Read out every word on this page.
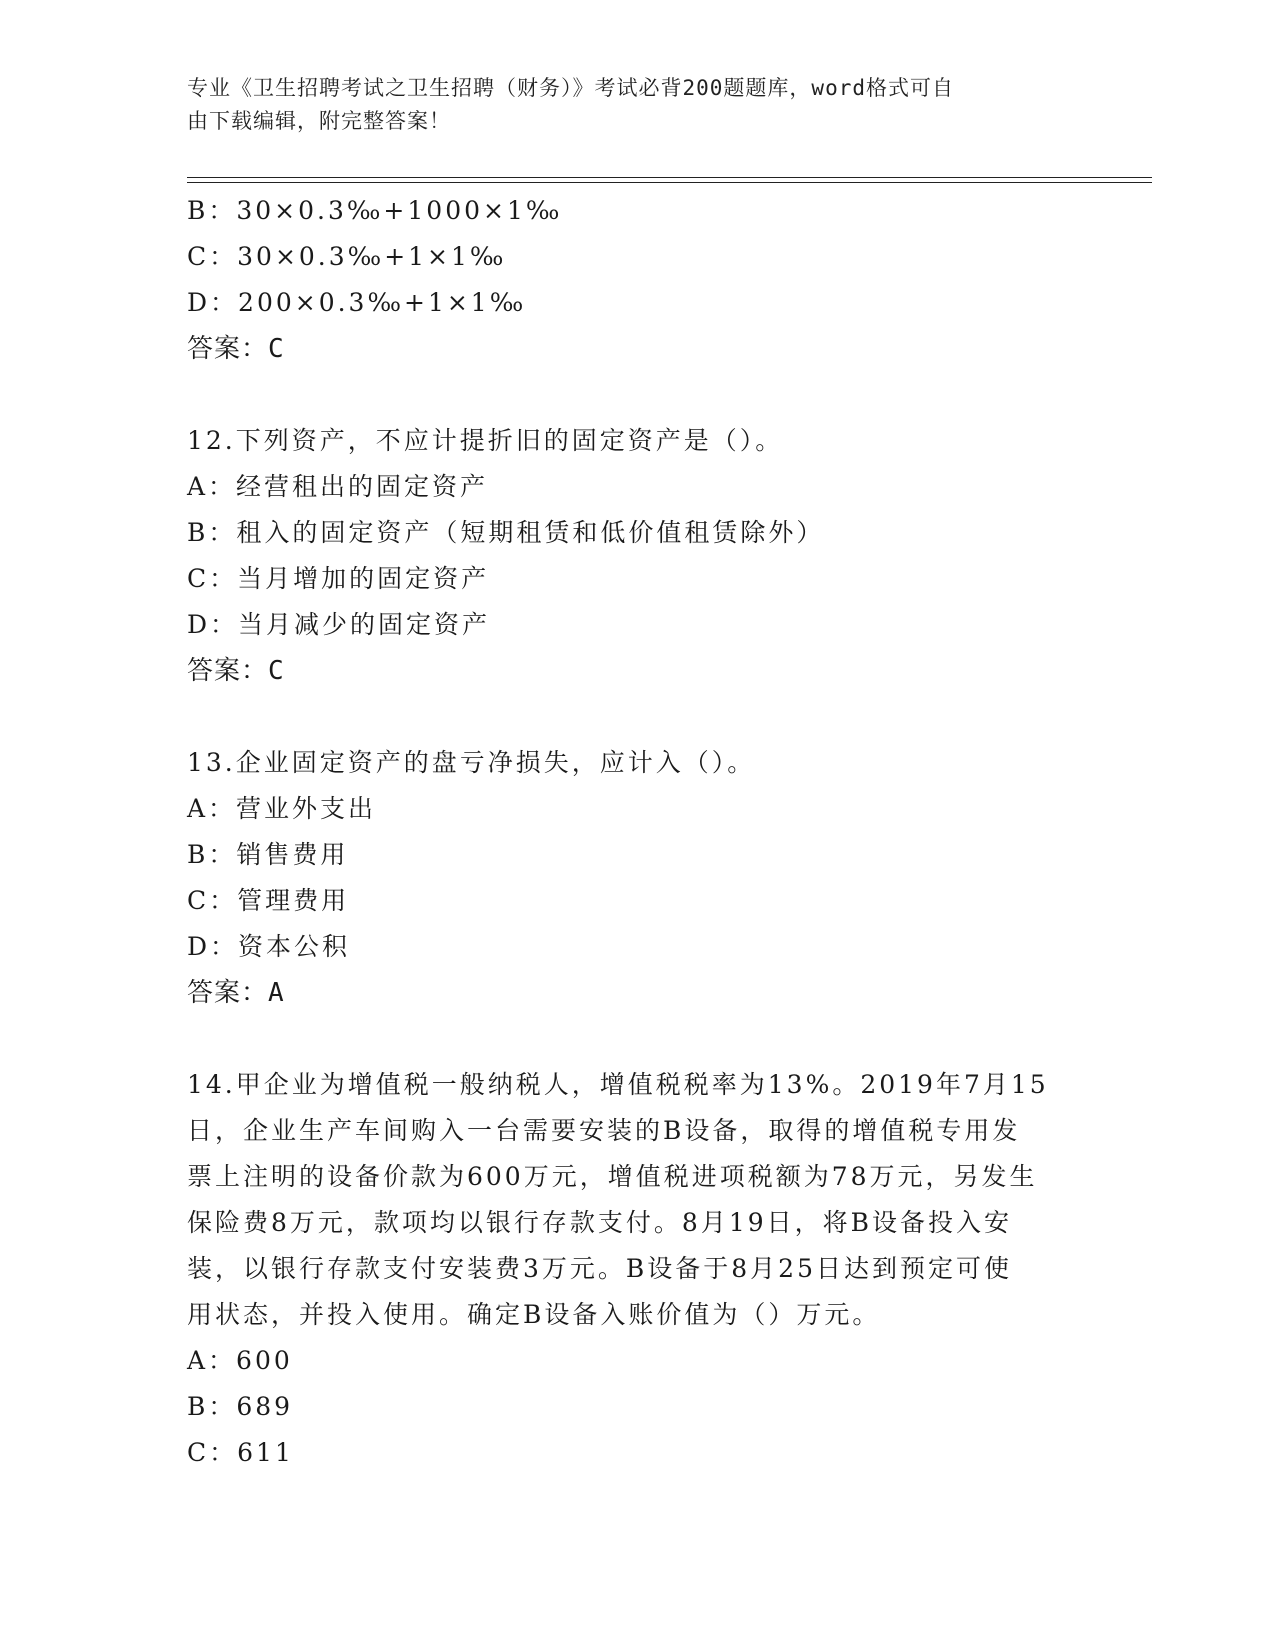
专业《卫生招聘考试之卫生招聘（财务）》考试必背200题题库，word格式可自
由下载编辑，附完整答案！
B：30×0.3‰+1000×1‰
C：30×0.3‰+1×1‰
D：200×0.3‰+1×1‰
答案：C
12.下列资产，不应计提折旧的固定资产是（）。
A：经营租出的固定资产
B：租入的固定资产（短期租赁和低价值租赁除外）
C：当月增加的固定资产
D：当月减少的固定资产
答案：C
13.企业固定资产的盘亏净损失，应计入（）。
A：营业外支出
B：销售费用
C：管理费用
D：资本公积
答案：A
14.甲企业为增值税一般纳税人，增值税税率为13%。2019年7月15
日，企业生产车间购入一台需要安装的B设备，取得的增值税专用发
票上注明的设备价款为600万元，增值税进项税额为78万元，另发生
保险费8万元，款项均以银行存款支付。8月19日，将B设备投入安
装，以银行存款支付安装费3万元。B设备于8月25日达到预定可使
用状态，并投入使用。确定B设备入账价值为（）万元。
A：600
B：689
C：611
